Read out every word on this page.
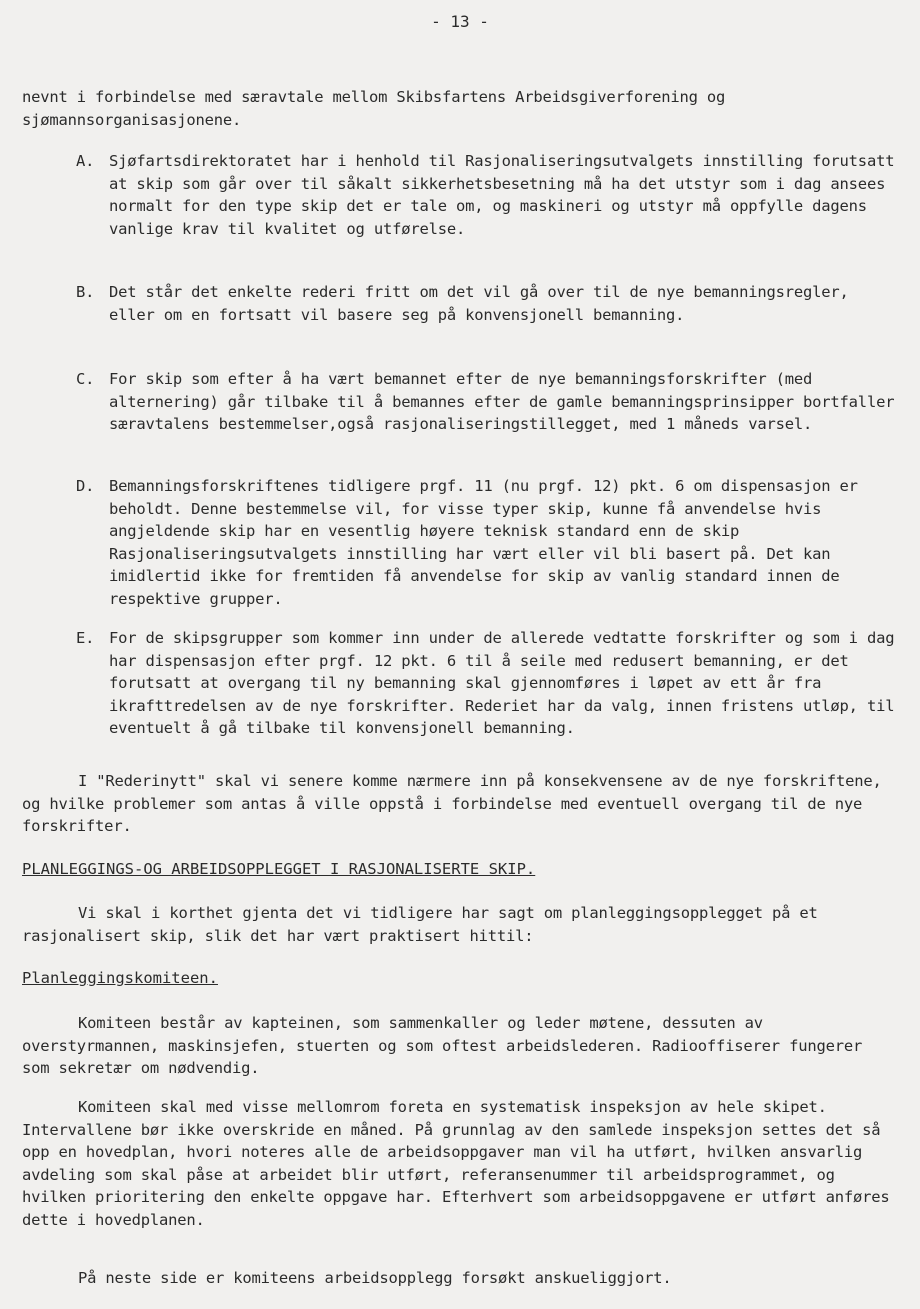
- 13 -
nevnt i forbindelse med særavtale mellom Skibsfartens Arbeidsgiverforening og sjømannsorganisasjonene.
A. Sjøfartsdirektoratet har i henhold til Rasjonaliseringsutvalgets innstilling forutsatt at skip som går over til såkalt sikkerhetsbesetning må ha det utstyr som i dag ansees normalt for den type skip det er tale om, og maskineri og utstyr må oppfylle dagens vanlige krav til kvalitet og utførelse.
B. Det står det enkelte rederi fritt om det vil gå over til de nye bemanningsregler, eller om en fortsatt vil basere seg på konvensjonell bemanning.
C. For skip som efter å ha vært bemannet efter de nye bemanningsforskrifter (med alternering) går tilbake til å bemannes efter de gamle bemanningsprinsipper bortfaller særavtalens bestemmelser,også rasjonaliseringstillegget, med 1 måneds varsel.
D. Bemanningsforskriftenes tidligere prgf. 11 (nu prgf. 12) pkt. 6 om dispensasjon er beholdt. Denne bestemmelse vil, for visse typer skip, kunne få anvendelse hvis angjeldende skip har en vesentlig høyere teknisk standard enn de skip Rasjonaliseringsutvalgets innstilling har vært eller vil bli basert på. Det kan imidlertid ikke for fremtiden få anvendelse for skip av vanlig standard innen de respektive grupper.
E. For de skipsgrupper som kommer inn under de allerede vedtatte forskrifter og som i dag har dispensasjon efter prgf. 12 pkt. 6 til å seile med redusert bemanning, er det forutsatt at overgang til ny bemanning skal gjennomføres i løpet av ett år fra ikrafttredelsen av de nye forskrifter. Rederiet har da valg, innen fristens utløp, til eventuelt å gå tilbake til konvensjonell bemanning.
I "Rederinytt" skal vi senere komme nærmere inn på konsekvensene av de nye forskriftene, og hvilke problemer som antas å ville oppstå i forbindelse med eventuell overgang til de nye forskrifter.
PLANLEGGINGS-OG ARBEIDSOPPLEGGET I RASJONALISERTE SKIP.
Vi skal i korthet gjenta det vi tidligere har sagt om planleggingsopplegget på et rasjonalisert skip, slik det har vært praktisert hittil:
Planleggingskomiteen.
Komiteen består av kapteinen, som sammenkaller og leder møtene, dessuten av overstyrmannen, maskinsjefen, stuerten og som oftest arbeidslederen. Radiooffiserer fungerer som sekretær om nødvendig.
Komiteen skal med visse mellomrom foreta en systematisk inspeksjon av hele skipet. Intervallene bør ikke overskride en måned. På grunnlag av den samlede inspeksjon settes det så opp en hovedplan, hvori noteres alle de arbeidsoppgaver man vil ha utført, hvilken ansvarlig avdeling som skal påse at arbeidet blir utført, referansenummer til arbeidsprogrammet, og hvilken prioritering den enkelte oppgave har. Efterhvert som arbeidsoppgavene er utført anføres dette i hovedplanen.
På neste side er komiteens arbeidsopplegg forsøkt anskueliggjort.
